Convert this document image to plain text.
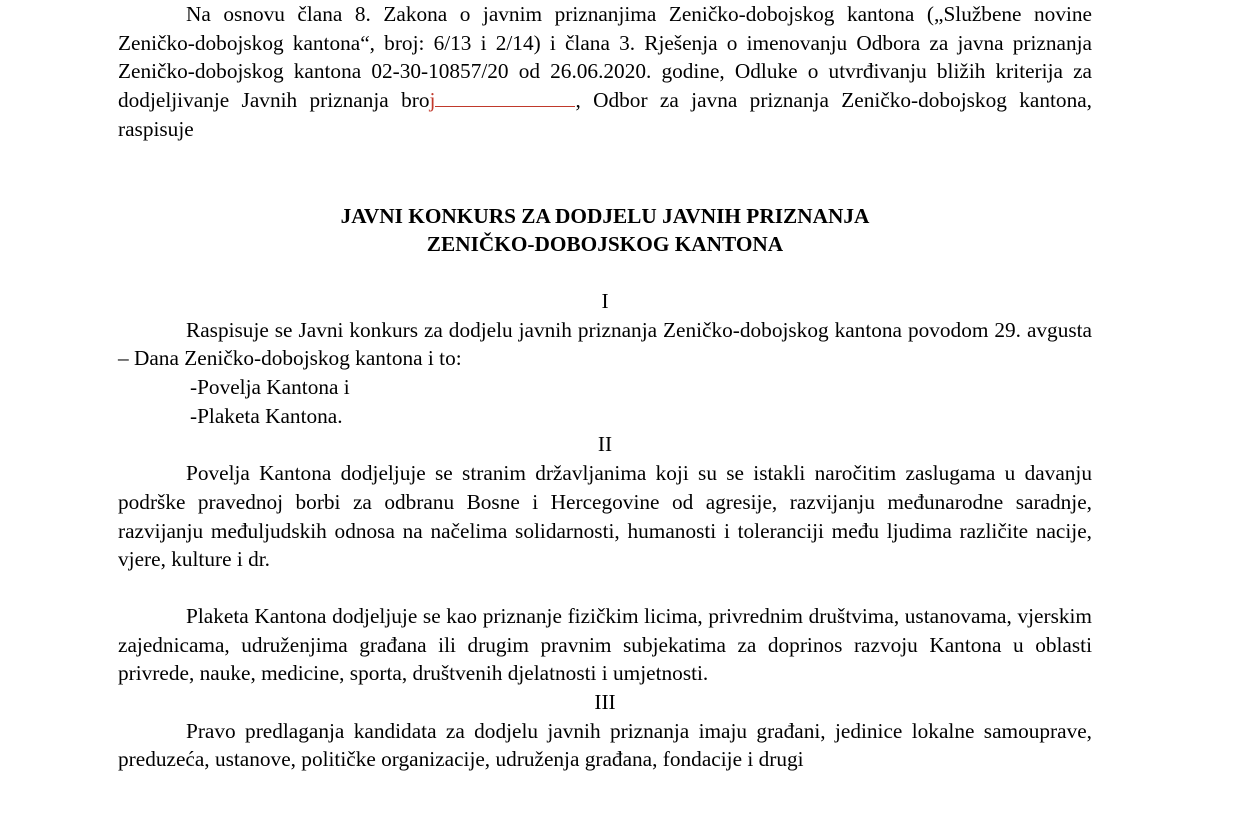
Na osnovu člana 8. Zakona o javnim priznanjima Zeničko-dobojskog kantona („Službene novine Zeničko-dobojskog kantona“, broj: 6/13 i 2/14) i člana 3. Rješenja o imenovanju Odbora za javna priznanja Zeničko-dobojskog kantona 02-30-10857/20 od 26.06.2020. godine, Odluke o utvrđivanju bližih kriterija za dodjeljivanje Javnih priznanja broj	, Odbor za javna priznanja Zeničko-dobojskog kantona, raspisuje

JAVNI KONKURS ZA DODJELU JAVNIH PRIZNANJA

ZENIČKO-DOBOJSKOG KANTONA

I

Raspisuje se Javni konkurs za dodjelu javnih priznanja Zeničko-dobojskog kantona povodom 29. avgusta – Dana Zeničko-dobojskog kantona i to:

-Povelja Kantona i

-Plaketa Kantona.

II

Povelja Kantona dodjeljuje se stranim državljanima koji su se istakli naročitim zaslugama u davanju podrške pravednoj borbi za odbranu Bosne i Hercegovine od agresije, razvijanju međunarodne saradnje, razvijanju međuljudskih odnosa na načelima solidarnosti, humanosti i toleranciji među ljudima različite nacije, vjere, kulture i dr.

Plaketa Kantona dodjeljuje se kao priznanje fizičkim licima, privrednim društvima, ustanovama, vjerskim zajednicama, udruženjima građana ili drugim pravnim subjekatima za doprinos razvoju Kantona u oblasti privrede, nauke, medicine, sporta, društvenih djelatnosti i umjetnosti.

III

Pravo predlaganja kandidata za dodjelu javnih priznanja imaju građani, jedinice lokalne samouprave, preduzeća, ustanove, političke organizacije, udruženja građana, fondacije i drugi
